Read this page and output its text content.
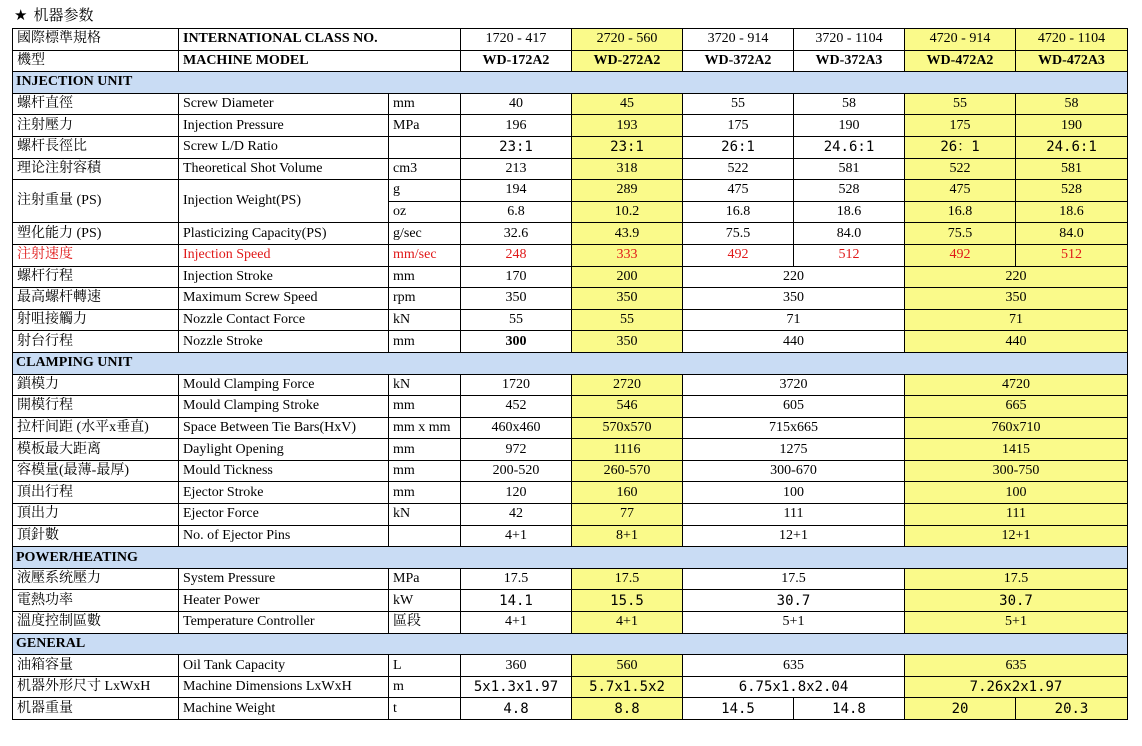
★ 机器参数
國際標準規格	INTERNATIONAL CLASS NO.		1720 - 417	2720 - 560	3720 - 914	3720 - 1104	4720 - 914	4720 - 1104
機型	MACHINE MODEL		WD-172A2	WD-272A2	WD-372A2	WD-372A3	WD-472A2	WD-472A3
INJECTION UNIT								
螺杆直徑	Screw Diameter	mm	40	45	55	58	55	58
注射壓力	Injection Pressure	MPa	196	193	175	190	175	190
螺杆長徑比	Screw L/D Ratio		23:1	23:1	26:1	24.6:1	26：1	24.6:1
理论注射容積	Theoretical Shot Volume	cm3	213	318	522	581	522	581
注射重量 (PS)	Injection Weight(PS)	g	194	289	475	528	475	528
		oz	6.8	10.2	16.8	18.6	16.8	18.6
塑化能力 (PS)	Plasticizing Capacity(PS)	g/sec	32.6	43.9	75.5	84.0	75.5	84.0
注射速度	Injection Speed	mm/sec	248	333	492	512	492	512
螺杆行程	Injection Stroke	mm	170	200	220		220	
最高螺杆轉速	Maximum Screw Speed	rpm	350	350	350		350	
射咀接觸力	Nozzle Contact Force	kN	55	55	71		71	
射台行程	Nozzle Stroke	mm	300	350	440		440	
CLAMPING UNIT								
鎖模力	Mould Clamping Force	kN	1720	2720	3720		4720	
開模行程	Mould Clamping Stroke	mm	452	546	605		665	
拉杆间距 (水平x垂直)	Space Between Tie Bars(HxV)	mm x mm	460x460	570x570	715x665		760x710	
模板最大距离	Daylight Opening	mm	972	1116	1275		1415	
容模量(最薄-最厚)	Mould Tickness	mm	200-520	260-570	300-670		300-750	
頂出行程	Ejector Stroke	mm	120	160	100		100	
頂出力	Ejector Force	kN	42	77	111		111	
頂針數	No. of Ejector Pins		4+1	8+1	12+1		12+1	
POWER/HEATING								
液壓系统壓力	System Pressure	MPa	17.5	17.5	17.5		17.5	
電熱功率	Heater Power	kW	14.1	15.5	30.7		30.7	
溫度控制區數	Temperature Controller	區段	4+1	4+1	5+1		5+1	
GENERAL								
油箱容量	Oil Tank Capacity	L	360	560	635		635	
机器外形尺寸 LxWxH	Machine Dimensions LxWxH	m	5x1.3x1.97	5.7x1.5x2	6.75x1.8x2.04		7.26x2x1.97	
机器重量	Machine Weight	t	4.8	8.8	14.5	14.8	20	20.3
